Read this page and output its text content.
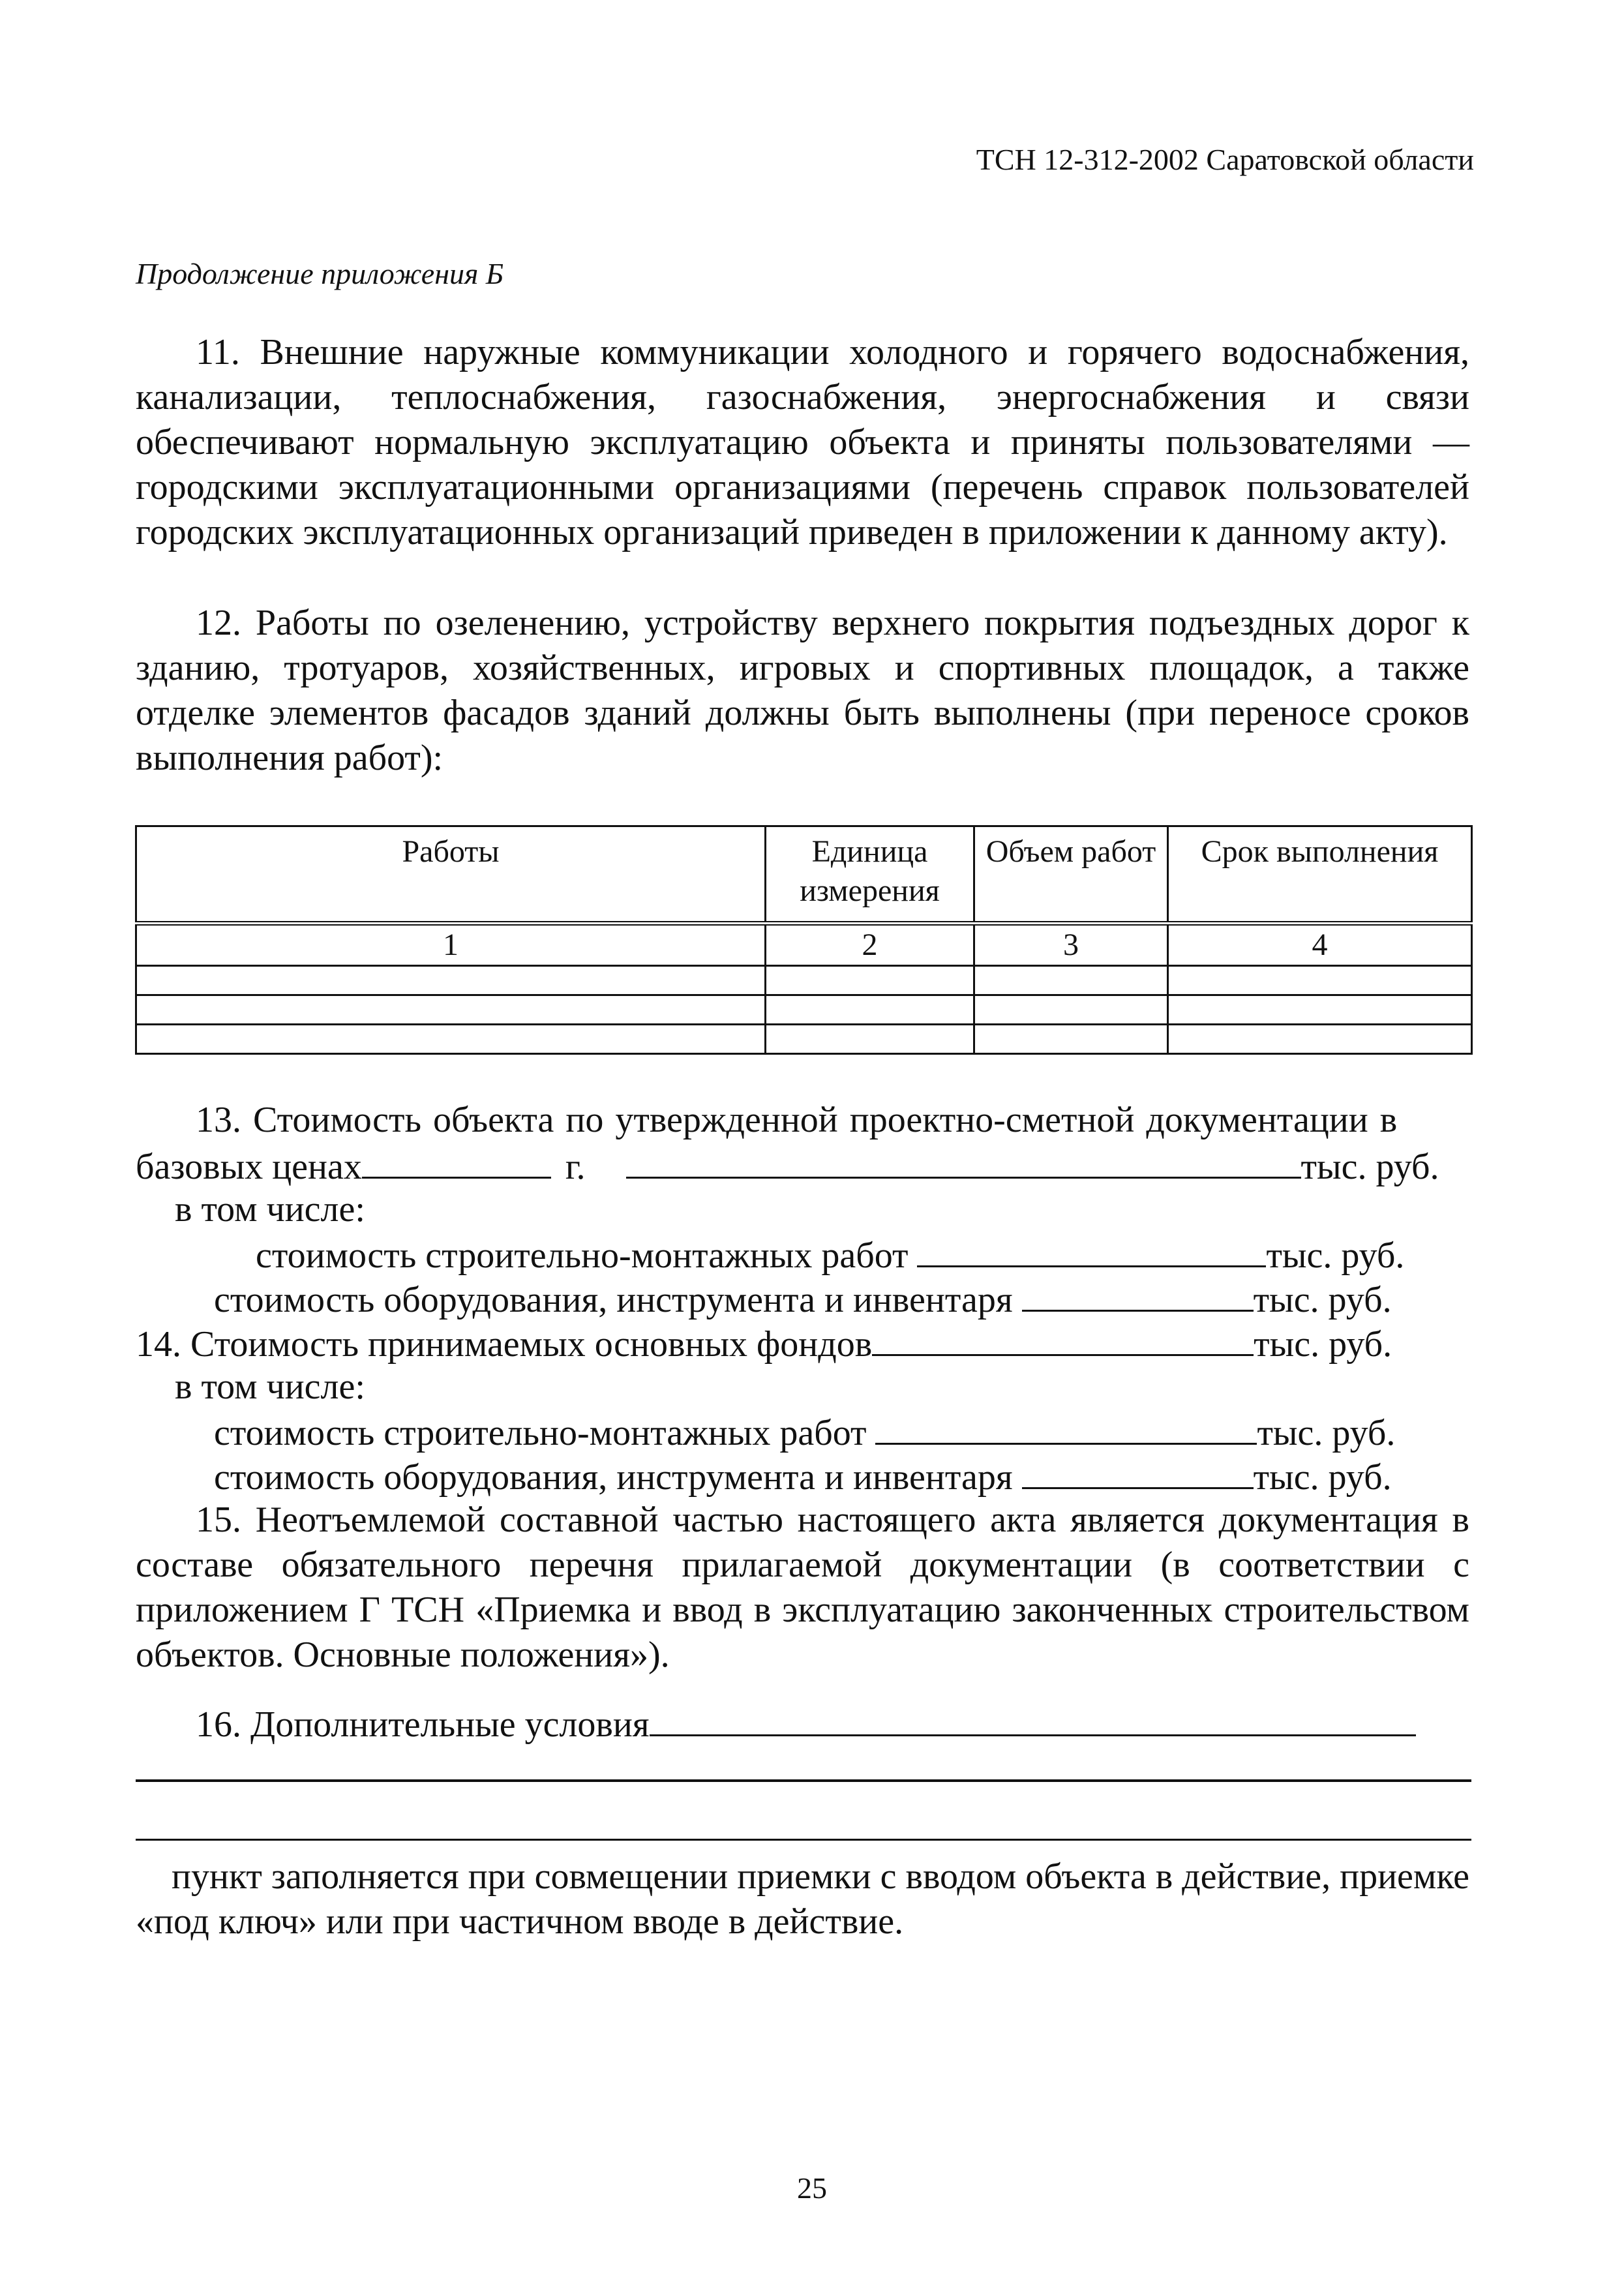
ТСН 12-312-2002 Саратовской области
Продолжение приложения Б

11. Внешние наружные коммуникации холодного и горячего водоснабжения, канализации, теплоснабжения, газоснабжения, энергоснабжения и связи обеспечивают нормальную эксплуатацию объекта и приняты пользователями — городскими эксплуатационными организациями (перечень справок пользователей городских эксплуатационных организаций приведен в приложении к данному акту).

12. Работы по озеленению, устройству верхнего покрытия подъездных дорог к зданию, тротуаров, хозяйственных, игровых и спортивных площадок, а также отделке элементов фасадов зданий должны быть выполнены (при переносе сроков выполнения работ):

Работы	Единица измерения	Объем работ	Срок выполнения
1	2	3	4

13. Стоимость объекта по утвержденной проектно-сметной документации в
базовых ценах	г.	тыс. руб.
в том числе:
стоимость строительно-монтажных работ	тыс. руб.
стоимость оборудования, инструмента и инвентаря	тыс. руб.
14. Стоимость принимаемых основных фондов	тыс. руб.
в том числе:
стоимость строительно-монтажных работ	тыс. руб.
стоимость оборудования, инструмента и инвентаря	тыс. руб.

15. Неотъемлемой составной частью настоящего акта является документация в составе обязательного перечня прилагаемой документации (в соответствии с приложением Г ТСН «Приемка и ввод в эксплуатацию законченных строительством объектов. Основные положения»).

16. Дополнительные условия

пункт заполняется при совмещении приемки с вводом объекта в действие, приемке «под ключ» или при частичном вводе в действие.

25
